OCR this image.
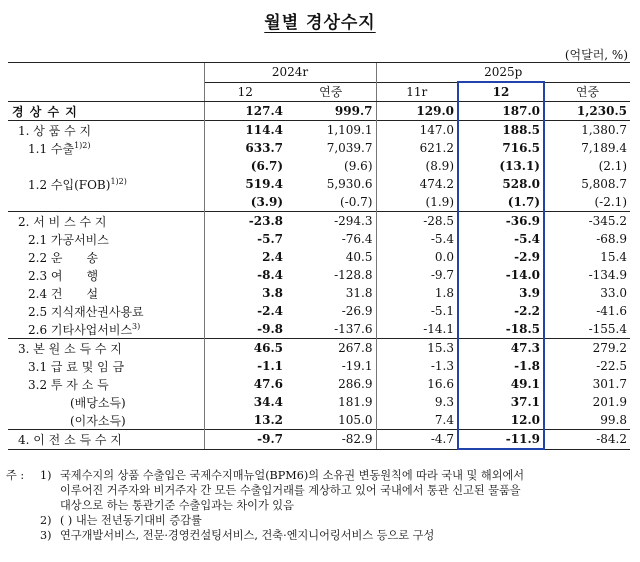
월별 경상수지
(억달러, %)
	2024r		2025p		
	12	연중	11r	12	연중
경 상 수 지	127.4	999.7	129.0	187.0	1,230.5
1. 상 품 수 지	114.4	1,109.1	147.0	188.5	1,380.7
1.1 수출$^{1)2)}$	633.7	7,039.7	621.2	716.5	7,189.4
	(6.7)	(9.6)	(8.9)	(13.1)	(2.1)
1.2 수입(FOB)$^{1)2)}$	519.4	5,930.6	474.2	528.0	5,808.7
	(3.9)	(-0.7)	(1.9)	(1.7)	(-2.1)
2. 서 비 스 수 지	-23.8	-294.3	-28.5	-36.9	-345.2
2.1 가공서비스	-5.7	-76.4	-5.4	-5.4	-68.9
2.2 운　　송	2.4	40.5	0.0	-2.9	15.4
2.3 여　　행	-8.4	-128.8	-9.7	-14.0	-134.9
2.4 건　　설	3.8	31.8	1.8	3.9	33.0
2.5 지식재산권사용료	-2.4	-26.9	-5.1	-2.2	-41.6
2.6 기타사업서비스$^{3)}$	-9.8	-137.6	-14.1	-18.5	-155.4
3. 본 원 소 득 수 지	46.5	267.8	15.3	47.3	279.2
3.1 급 료 및 임 금	-1.1	-19.1	-1.3	-1.8	-22.5
3.2 투 자 소 득	47.6	286.9	16.6	49.1	301.7
(배당소득)	34.4	181.9	9.3	37.1	201.9
(이자소득)	13.2	105.0	7.4	12.0	99.8
4. 이 전 소 득 수 지	-9.7	-82.9	-4.7	-11.9	-84.2
주 :	1) 국제수지의 상품 수출입은 국제수지매뉴얼(BPM6)의 소유권 변동원칙에 따라 국내 및 해외에서
이루어진 거주자와 비거주자 간 모든 수출입거래를 계상하고 있어 국내에서 통관 신고된 물품을
대상으로 하는 통관기준 수출입과는 차이가 있음
2) ( ) 내는 전년동기대비 증감률
3) 연구개발서비스, 전문·경영컨설팅서비스, 건축·엔지니어링서비스 등으로 구성
